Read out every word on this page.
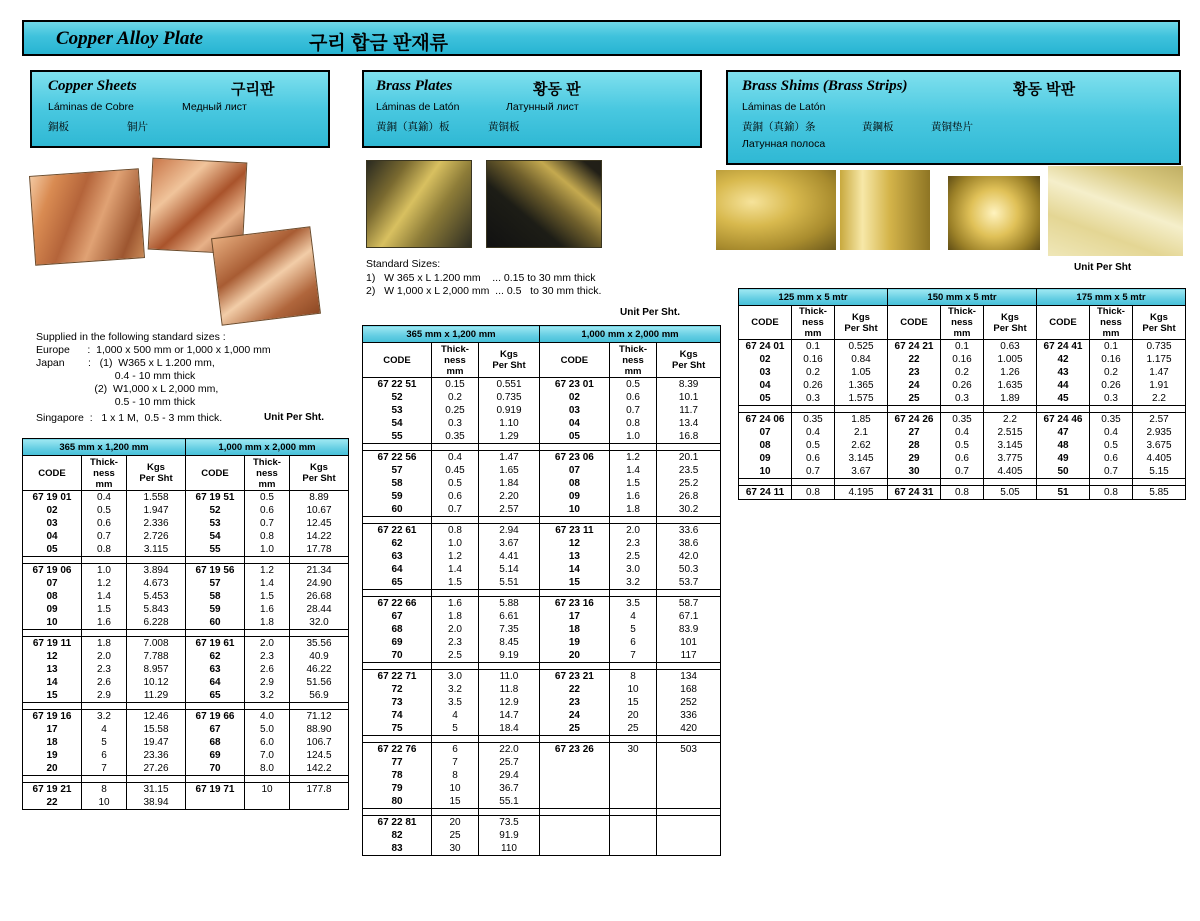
Copper Alloy Plate	구리 합금 판재류
Copper Sheets	구리판
Láminas de Cobre	Медный лист
銅板	铜片
Brass Plates	황동 판
Láminas de Latón	Латунный лист
黄銅（真鍮）板	黄铜板
Brass Shims (Brass Strips)	황동 박판
Láminas de Latón
黄銅（真鍮）条	黄鋼板	黄铜垫片
Латунная полоса
Supplied in the following standard sizes :
Europe      :  1,000 x 500 mm or 1,000 x 1,000 mm
Japan        :   (1)  W365 x L 1.200 mm,
0.4 - 10 mm thick
(2)  W1,000 x L 2,000 mm,
0.5 - 10 mm thick
Singapore  :   1 x 1 M,  0.5 - 3 mm thick.	Unit Per Sht.
Standard Sizes:
1)   W 365 x L 1.200 mm    ... 0.15 to 30 mm thick
2)   W 1,000 x L 2,000 mm  ... 0.5   to 30 mm thick.
Unit Per Sht.
Unit Per Sht
365 mm x 1,200 mm			1,000 mm x 2,000 mm		
CODE	Thick-
ness
mm	Kgs
Per Sht	CODE	Thick-
ness
mm	Kgs
Per Sht
67 19 01	0.4	1.558	67 19 51	0.5	8.89
02	0.5	1.947	52	0.6	10.67
03	0.6	2.336	53	0.7	12.45
04	0.7	2.726	54	0.8	14.22
05	0.8	3.115	55	1.0	17.78

67 19 06	1.0	3.894	67 19 56	1.2	21.34
07	1.2	4.673	57	1.4	24.90
08	1.4	5.453	58	1.5	26.68
09	1.5	5.843	59	1.6	28.44
10	1.6	6.228	60	1.8	32.0

67 19 11	1.8	7.008	67 19 61	2.0	35.56
12	2.0	7.788	62	2.3	40.9
13	2.3	8.957	63	2.6	46.22
14	2.6	10.12	64	2.9	51.56
15	2.9	11.29	65	3.2	56.9

67 19 16	3.2	12.46	67 19 66	4.0	71.12
17	4	15.58	67	5.0	88.90
18	5	19.47	68	6.0	106.7
19	6	23.36	69	7.0	124.5
20	7	27.26	70	8.0	142.2

67 19 21	8	31.15	67 19 71	10	177.8
22	10	38.94			
365 mm x 1,200 mm			1,000 mm x 2,000 mm		
CODE	Thick-
ness
mm	Kgs
Per Sht	CODE	Thick-
ness
mm	Kgs
Per Sht
67 22 51	0.15	0.551	67 23 01	0.5	8.39
52	0.2	0.735	02	0.6	10.1
53	0.25	0.919	03	0.7	11.7
54	0.3	1.10	04	0.8	13.4
55	0.35	1.29	05	1.0	16.8

67 22 56	0.4	1.47	67 23 06	1.2	20.1
57	0.45	1.65	07	1.4	23.5
58	0.5	1.84	08	1.5	25.2
59	0.6	2.20	09	1.6	26.8
60	0.7	2.57	10	1.8	30.2

67 22 61	0.8	2.94	67 23 11	2.0	33.6
62	1.0	3.67	12	2.3	38.6
63	1.2	4.41	13	2.5	42.0
64	1.4	5.14	14	3.0	50.3
65	1.5	5.51	15	3.2	53.7

67 22 66	1.6	5.88	67 23 16	3.5	58.7
67	1.8	6.61	17	4	67.1
68	2.0	7.35	18	5	83.9
69	2.3	8.45	19	6	101
70	2.5	9.19	20	7	117

67 22 71	3.0	11.0	67 23 21	8	134
72	3.2	11.8	22	10	168
73	3.5	12.9	23	15	252
74	4	14.7	24	20	336
75	5	18.4	25	25	420

67 22 76	6	22.0	67 23 26	30	503
77	7	25.7			
78	8	29.4			
79	10	36.7			
80	15	55.1			

67 22 81	20	73.5			
82	25	91.9			
83	30	110			
125 mm x 5 mtr			150 mm x 5 mtr			175 mm x 5 mtr		
CODE	Thick-
ness
mm	Kgs
Per Sht	CODE	Thick-
ness
mm	Kgs
Per Sht	CODE	Thick-
ness
mm	Kgs
Per Sht
67 24 01	0.1	0.525	67 24 21	0.1	0.63	67 24 41	0.1	0.735
02	0.16	0.84	22	0.16	1.005	42	0.16	1.175
03	0.2	1.05	23	0.2	1.26	43	0.2	1.47
04	0.26	1.365	24	0.26	1.635	44	0.26	1.91
05	0.3	1.575	25	0.3	1.89	45	0.3	2.2

67 24 06	0.35	1.85	67 24 26	0.35	2.2	67 24 46	0.35	2.57
07	0.4	2.1	27	0.4	2.515	47	0.4	2.935
08	0.5	2.62	28	0.5	3.145	48	0.5	3.675
09	0.6	3.145	29	0.6	3.775	49	0.6	4.405
10	0.7	3.67	30	0.7	4.405	50	0.7	5.15

67 24 11	0.8	4.195	67 24 31	0.8	5.05	51	0.8	5.85
